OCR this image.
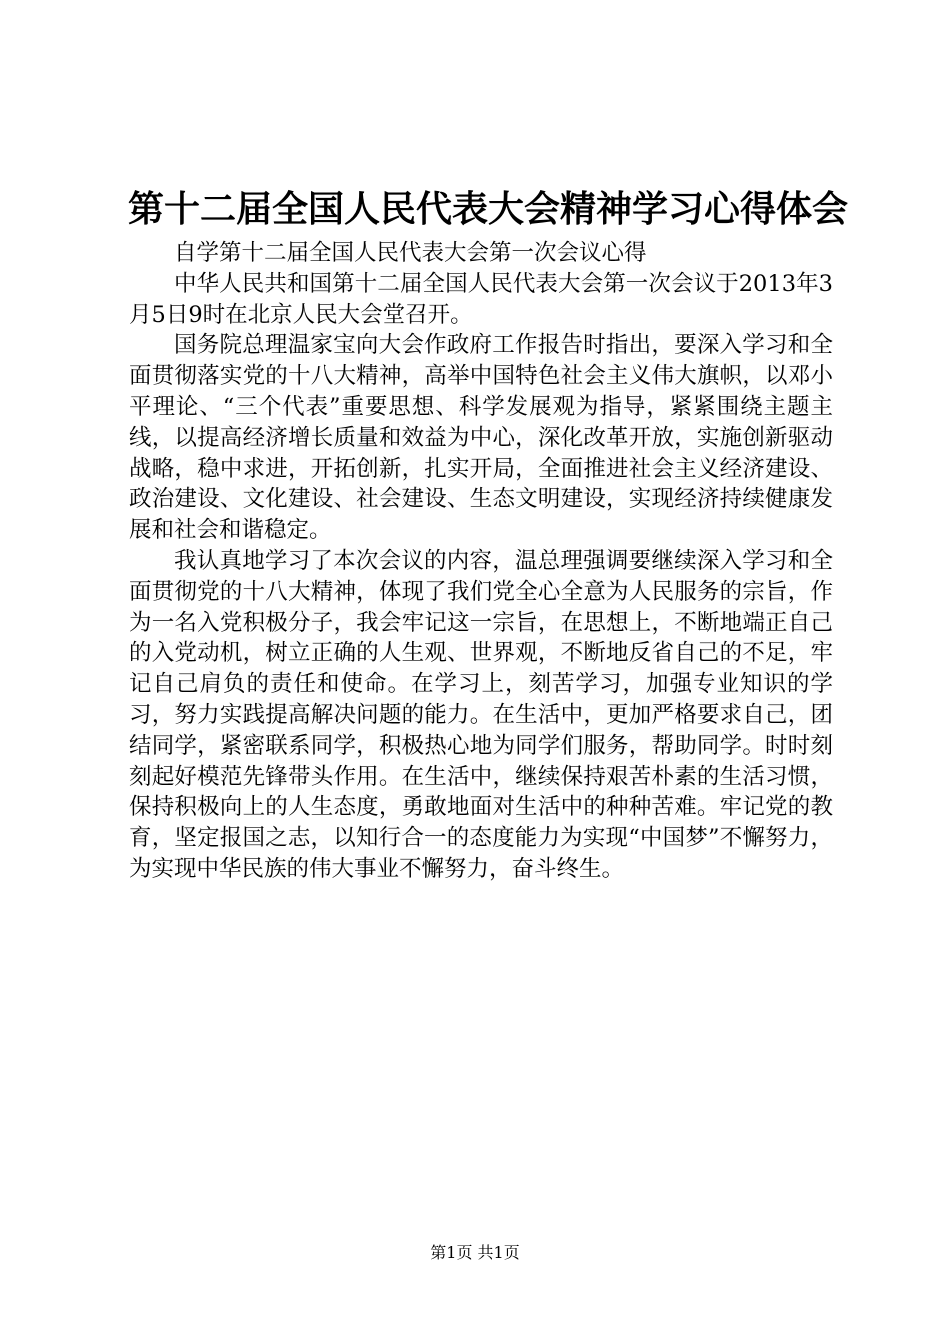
第十二届全国人民代表大会精神学习心得体会

自学第十二届全国人民代表大会第一次会议心得

中华人民共和国第十二届全国人民代表大会第一次会议于2013年3月5日9时在北京人民大会堂召开。

国务院总理温家宝向大会作政府工作报告时指出，要深入学习和全面贯彻落实党的十八大精神，高举中国特色社会主义伟大旗帜，以邓小平理论、“三个代表”重要思想、科学发展观为指导，紧紧围绕主题主线，以提高经济增长质量和效益为中心，深化改革开放，实施创新驱动战略，稳中求进，开拓创新，扎实开局，全面推进社会主义经济建设、政治建设、文化建设、社会建设、生态文明建设，实现经济持续健康发展和社会和谐稳定。

我认真地学习了本次会议的内容，温总理强调要继续深入学习和全面贯彻党的十八大精神，体现了我们党全心全意为人民服务的宗旨，作为一名入党积极分子，我会牢记这一宗旨，在思想上，不断地端正自己的入党动机，树立正确的人生观、世界观，不断地反省自己的不足，牢记自己肩负的责任和使命。在学习上，刻苦学习，加强专业知识的学习，努力实践提高解决问题的能力。在生活中，更加严格要求自己，团结同学，紧密联系同学，积极热心地为同学们服务，帮助同学。时时刻刻起好模范先锋带头作用。在生活中，继续保持艰苦朴素的生活习惯，保持积极向上的人生态度，勇敢地面对生活中的种种苦难。牢记党的教育，坚定报国之志，以知行合一的态度能力为实现“中国梦”不懈努力，为实现中华民族的伟大事业不懈努力，奋斗终生。

第1页 共1页
